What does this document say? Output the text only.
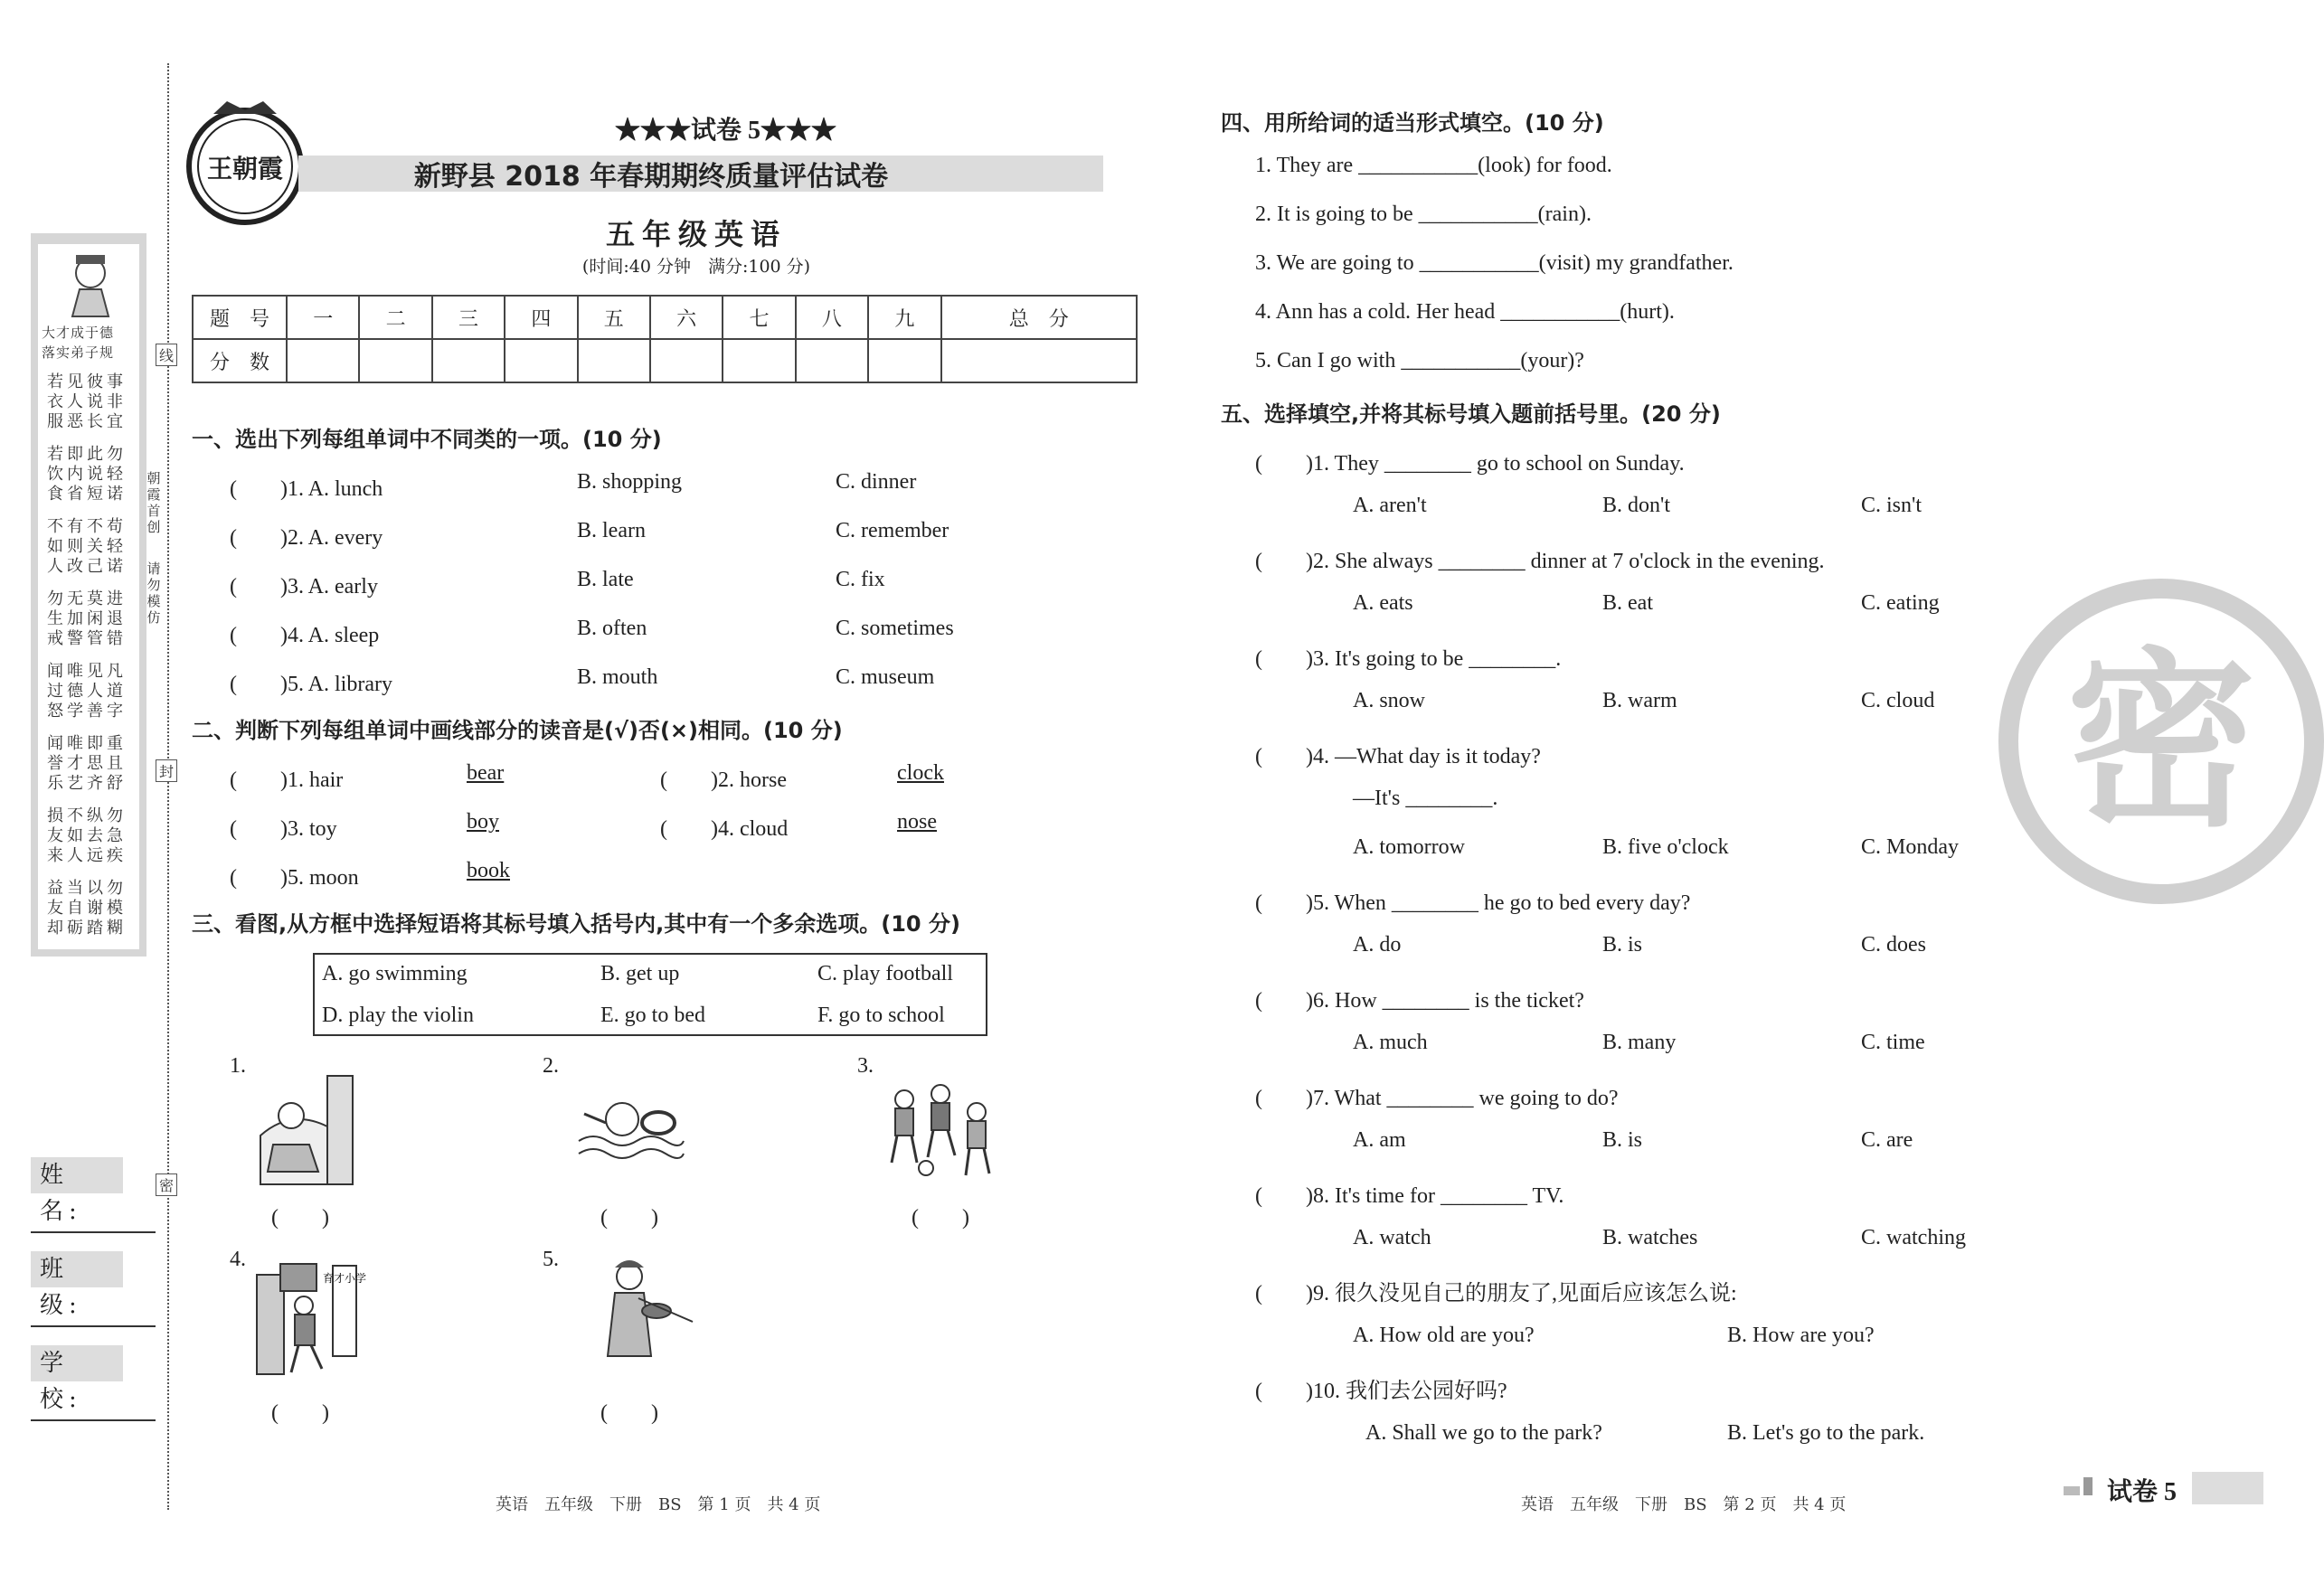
大才成于德
落实弟子规
若见彼事
衣人说非
服恶长宜
若即此勿
饮内说轻
食省短诺
不有不苟
如则关轻
人改己诺
勿无莫进
生加闲退
戒警管错
闻唯见凡
过德人道
怒学善字
闻唯即重
誉才思且
乐艺齐舒
损不纵勿
友如去急
来人远疾
益当以勿
友自谢模
却砺踏糊
线
封
密
朝霞首创
请勿模仿
姓 名:
班 级:
学 校:
王朝霞
★★★试卷 5★★★
新野县 2018 年春期期终质量评估试卷
五年级英语
(时间:40 分钟　满分:100 分)
题　号	一	二	三	四	五	六	七	八	九	总　分
分　数										
一、选出下列每组单词中不同类的一项。(10 分)
(　　)1. A. lunch	B. shopping	C. dinner
(　　)2. A. every	B. learn	C. remember
(　　)3. A. early	B. late	C. fix
(　　)4. A. sleep	B. often	C. sometimes
(　　)5. A. library	B. mouth	C. museum
二、判断下列每组单词中画线部分的读音是(√)否(×)相同。(10 分)
(　　)1. hair	bear	(　　)2. horse	clock
(　　)3. toy	boy	(　　)4. cloud	nose
(　　)5. moon	book
三、看图,从方框中选择短语将其标号填入括号内,其中有一个多余选项。(10 分)
A. go swimming	B. get up	C. play football
D. play the violin	E. go to bed	F. go to school
1.	2.	3.
4.	5.
育才小学
(　　)	(　　)	(　　)
(　　)	(　　)
英语　五年级　下册　BS　第 1 页　共 4 页
四、用所给词的适当形式填空。(10 分)
1. They are ___________(look) for food.
2. It is going to be ___________(rain).
3. We are going to ___________(visit) my grandfather.
4. Ann has a cold. Her head ___________(hurt).
5. Can I go with ___________(your)?
五、选择填空,并将其标号填入题前括号里。(20 分)
(　　)1. They ________ go to school on Sunday.
A. aren't	B. don't	C. isn't
(　　)2. She always ________ dinner at 7 o'clock in the evening.
A. eats	B. eat	C. eating
(　　)3. It's going to be ________.
A. snow	B. warm	C. cloud
(　　)4. —What day is it today?
—It's ________.
A. tomorrow	B. five o'clock	C. Monday
(　　)5. When ________ he go to bed every day?
A. do	B. is	C. does
(　　)6. How ________ is the ticket?
A. much	B. many	C. time
(　　)7. What ________ we going to do?
A. am	B. is	C. are
(　　)8. It's time for ________ TV.
A. watch	B. watches	C. watching
(　　)9. 很久没见自己的朋友了,见面后应该怎么说:
A. How old are you?	B. How are you?
(　　)10. 我们去公园好吗?
A. Shall we go to the park?	B. Let's go to the park.
密
英语　五年级　下册　BS　第 2 页　共 4 页	试卷 5
